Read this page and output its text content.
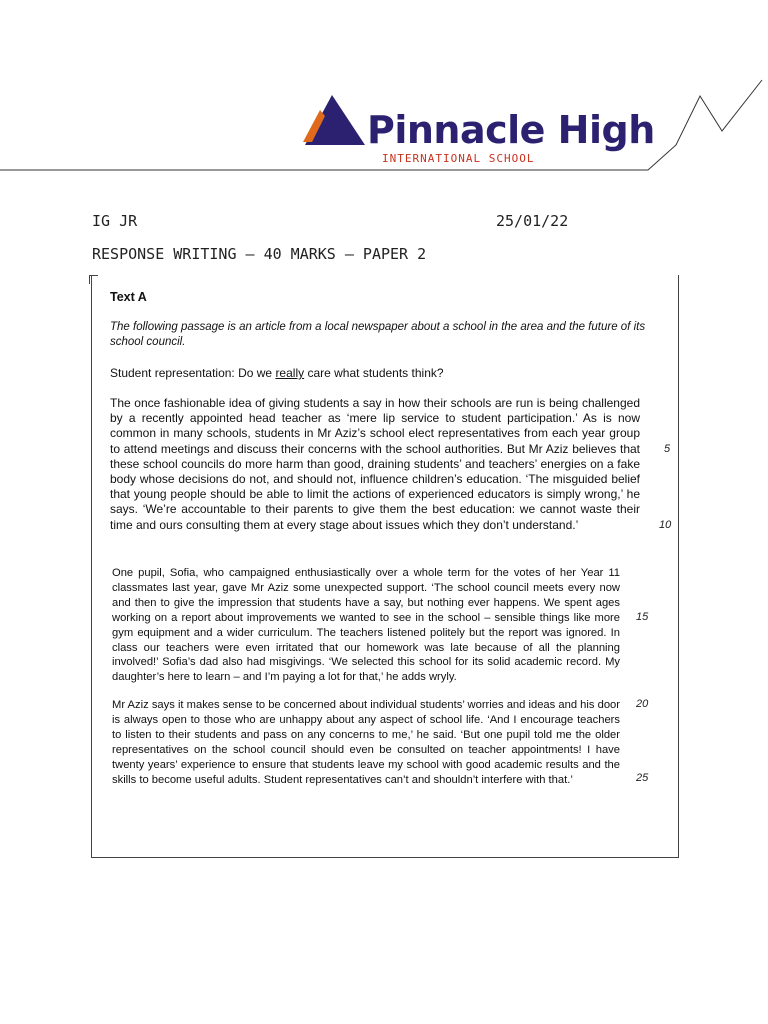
Pinnacle High
INTERNATIONAL SCHOOL
IG JR	25/01/22
RESPONSE WRITING – 40 MARKS – PAPER 2
Text A
The following passage is an article from a local newspaper about a school in the area and the future of its school council.
Student representation: Do we really care what students think?
The once fashionable idea of giving students a say in how their schools are run is being challenged by a recently appointed head teacher as ‘mere lip service to student participation.’ As is now common in many schools, students in Mr Aziz’s school elect representatives from each year group to attend meetings and discuss their concerns with the school authorities. But Mr Aziz believes that these school councils do more harm than good, draining students’ and teachers’ energies on a fake body whose decisions do not, and should not, influence children’s education. ‘The misguided belief that young people should be able to limit the actions of experienced educators is simply wrong,’ he says. ‘We’re accountable to their parents to give them the best education: we cannot waste their time and ours consulting them at every stage about issues which they don’t understand.’
One pupil, Sofia, who campaigned enthusiastically over a whole term for the votes of her Year 11 classmates last year, gave Mr Aziz some unexpected support. ‘The school council meets every now and then to give the impression that students have a say, but nothing ever happens. We spent ages working on a report about improvements we wanted to see in the school – sensible things like more gym equipment and a wider curriculum. The teachers listened politely but the report was ignored. In class our teachers were even irritated that our homework was late because of all the planning involved!’ Sofia’s dad also had misgivings. ‘We selected this school for its solid academic record. My daughter’s here to learn – and I’m paying a lot for that,’ he adds wryly.
Mr Aziz says it makes sense to be concerned about individual students’ worries and ideas and his door is always open to those who are unhappy about any aspect of school life. ‘And I encourage teachers to listen to their students and pass on any concerns to me,’ he said. ‘But one pupil told me the older representatives on the school council should even be consulted on teacher appointments! I have twenty years’ experience to ensure that students leave my school with good academic results and the skills to become useful adults. Student representatives can’t and shouldn’t interfere with that.’
5
10
15
20
25
